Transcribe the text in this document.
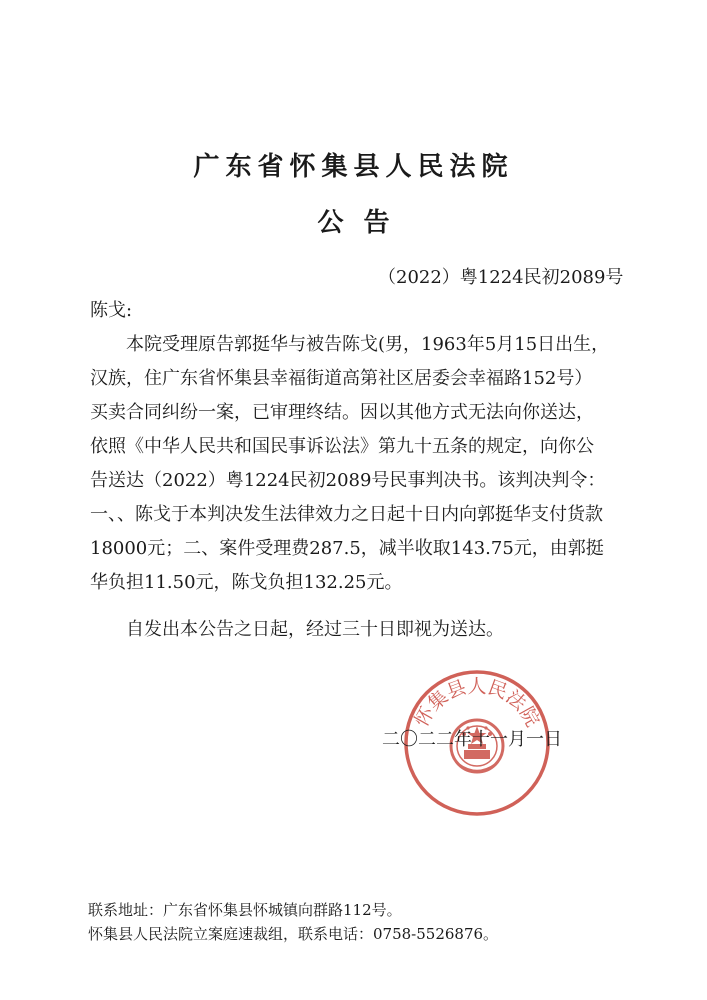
广东省怀集县人民法院
公告
（2022）粤1224民初2089号
陈戈:
本院受理原告郭挺华与被告陈戈(男，1963年5月15日出生，
汉族，住广东省怀集县幸福街道高第社区居委会幸福路152号）
买卖合同纠纷一案，已审理终结。因以其他方式无法向你送达，
依照《中华人民共和国民事诉讼法》第九十五条的规定，向你公
告送达（2022）粤1224民初2089号民事判决书。该判决判令：
一、、陈戈于本判决发生法律效力之日起十日内向郭挺华支付货款
18000元；二、案件受理费287.5，减半收取143.75元，由郭挺
华负担11.50元，陈戈负担132.25元。
自发出本公告之日起，经过三十日即视为送达。
怀集县人民法院
二〇二二年十一月一日
联系地址：广东省怀集县怀城镇向群路112号。
怀集县人民法院立案庭速裁组，联系电话：0758-5526876。
